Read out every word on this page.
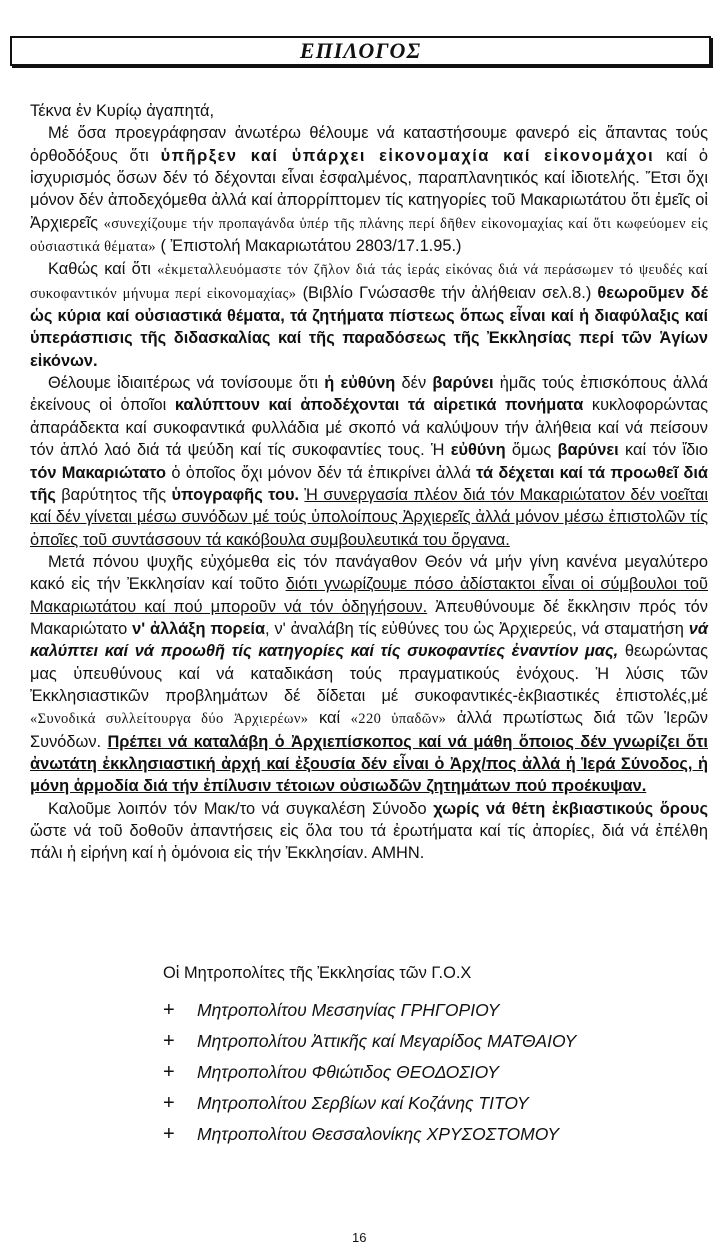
ΕΠΙΛΟΓΟΣ

Τέκνα ἐν Κυρίῳ ἀγαπητά,

Μέ ὅσα προεγράφησαν ἀνωτέρω θέλουμε νά καταστήσουμε φανερό εἰς ἅπαντας τούς ὀρθοδόξους ὅτι ὑπῆρξεν καί ὑπάρχει εἰκονομαχία καί εἰκονομάχοι καί ὁ ἰσχυρισμός ὅσων δέν τό δέχονται εἶναι ἐσφαλμένος, παραπλανητικός καί ἰδιοτελής. Ἔτσι ὄχι μόνον δέν ἀποδεχόμεθα ἀλλά καί ἀπορρίπτομεν τίς κατηγορίες τοῦ Μακαριωτάτου ὅτι ἐμεῖς οἱ Ἀρχιερεῖς «συνεχίζουμε τήν προπαγάνδα ὑπέρ τῆς πλάνης περί δῆθεν εἰκονομαχίας καί ὅτι κωφεύομεν εἰς οὐσιαστικά θέματα» ( Ἐπιστολή Μακαριωτάτου 2803/17.1.95.)

Καθώς καί ὅτι «ἐκμεταλλευόμαστε τόν ζῆλον διά τάς ἱεράς εἰκόνας διά νά περάσωμεν τό ψευδές καί συκοφαντικόν μήνυμα περί εἰκονομαχίας» (Βιβλίο Γνώσασθε τήν ἀλήθειαν σελ.8.) θεωροῦμεν δέ ὡς κύρια καί οὐσιαστικά θέματα, τά ζητήματα πίστεως ὅπως εἶναι καί ἡ διαφύλαξις καί ὑπεράσπισις τῆς διδασκαλίας καί τῆς παραδόσεως τῆς Ἐκκλησίας περί τῶν Ἁγίων εἰκόνων.

Θέλουμε ἰδιαιτέρως νά τονίσουμε ὅτι ἡ εὐθύνη δέν βαρύνει ἡμᾶς τούς ἐπισκόπους ἀλλά ἐκείνους οἱ ὁποῖοι καλύπτουν καί ἀποδέχονται τά αἱρετικά πονήματα κυκλοφορώντας ἀπαράδεκτα καί συκοφαντικά φυλλάδια μέ σκοπό νά καλύψουν τήν ἀλήθεια καί νά πείσουν τόν ἁπλό λαό διά τά ψεύδη καί τίς συκοφαντίες τους. Ἡ εὐθύνη ὅμως βαρύνει καί τόν ἴδιο τόν Μακαριώτατο ὁ ὁποῖος ὄχι μόνον δέν τά ἐπικρίνει ἀλλά τά δέχεται καί τά προωθεῖ διά τῆς βαρύτητος τῆς ὑπογραφῆς του. Ἡ συνεργασία πλέον διά τόν Μακαριώτατον δέν νοεῖται καί δέν γίνεται μέσω συνόδων μέ τούς ὑπολοίπους Ἀρχιερεῖς ἀλλά μόνον μέσω ἐπιστολῶν τίς ὁποῖες τοῦ συντάσσουν τά κακόβουλα συμβουλευτικά του ὄργανα.

Μετά πόνου ψυχῆς εὐχόμεθα εἰς τόν πανάγαθον Θεόν νά μήν γίνη κανένα μεγαλύτερο κακό εἰς τήν Ἐκκλησίαν καί τοῦτο διότι γνωρίζουμε πόσο ἀδίστακτοι εἶναι οἱ σύμβουλοι τοῦ Μακαριωτάτου καί πού μποροῦν νά τόν ὁδηγήσουν. Ἀπευθύνουμε δέ ἔκκλησιν πρός τόν Μακαριώτατο ν' ἀλλάξη πορεία, ν' ἀναλάβη τίς εὐθύνες του ὡς Ἀρχιερεύς, νά σταματήση νά καλύπτει καί νά προωθῆ τίς κατηγορίες καί τίς συκοφαντίες ἐναντίον μας, θεωρώντας μας ὑπευθύνους καί νά καταδικάση τούς πραγματικούς ἐνόχους. Ἡ λύσις τῶν Ἐκκλησιαστικῶν προβλημάτων δέ δίδεται μέ συκοφαντικές-ἐκβιαστικές ἐπιστολές,μέ «Συνοδικά συλλείτουργα δύο Ἀρχιερέων» καί «220 ὑπαδῶν» ἀλλά πρωτίστως διά τῶν Ἱερῶν Συνόδων. Πρέπει νά καταλάβη ὁ Ἀρχιεπίσκοπος καί νά μάθη ὅποιος δέν γνωρίζει ὅτι ἀνωτάτη ἐκκλησιαστική ἀρχή καί ἐξουσία δέν εἶναι ὁ Ἀρχ/πος ἀλλά ἡ Ἱερά Σύνοδος, ἡ μόνη ἁρμοδία διά τήν ἐπίλυσιν τέτοιων οὐσιωδῶν ζητημάτων πού προέκυψαν.

Καλοῦμε λοιπόν τόν Μακ/το νά συγκαλέση Σύνοδο χωρίς νά θέτη ἐκβιαστικούς ὅρους ὥστε νά τοῦ δοθοῦν ἀπαντήσεις εἰς ὅλα του τά ἐρωτήματα καί τίς ἀπορίες, διά νά ἐπέλθη πάλι ἡ εἰρήνη καί ἡ ὁμόνοια εἰς τήν Ἐκκλησίαν. ΑΜΗΝ.

Οἱ Μητροπολίτες τῆς Ἐκκλησίας τῶν Γ.Ο.Χ

+ Μητροπολίτου Μεσσηνίας ΓΡΗΓΟΡΙΟΥ
+ Μητροπολίτου Ἀττικῆς καί Μεγαρίδος ΜΑΤΘΑΙΟΥ
+ Μητροπολίτου Φθιώτιδος ΘΕΟΔΟΣΙΟΥ
+ Μητροπολίτου Σερβίων καί Κοζάνης ΤΙΤΟΥ
+ Μητροπολίτου Θεσσαλονίκης ΧΡΥΣΟΣΤΟΜΟΥ
16
